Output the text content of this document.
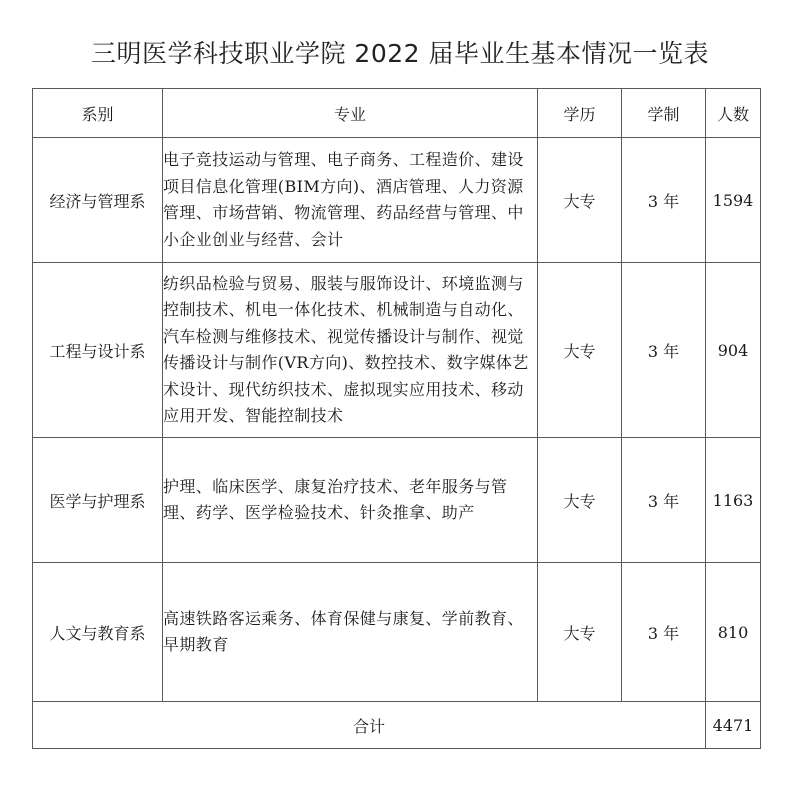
三明医学科技职业学院 2022 届毕业生基本情况一览表
系别	专业	学历	学制	人数
经济与管理系	电子竞技运动与管理、电子商务、工程造价、建设项目信息化管理(BIM方向)、酒店管理、人力资源管理、市场营销、物流管理、药品经营与管理、中小企业创业与经营、会计	大专	3 年	1594
工程与设计系	纺织品检验与贸易、服装与服饰设计、环境监测与控制技术、机电一体化技术、机械制造与自动化、汽车检测与维修技术、视觉传播设计与制作、视觉传播设计与制作(VR方向)、数控技术、数字媒体艺术设计、现代纺织技术、虚拟现实应用技术、移动应用开发、智能控制技术	大专	3 年	904
医学与护理系	护理、临床医学、康复治疗技术、老年服务与管理、药学、医学检验技术、针灸推拿、助产	大专	3 年	1163
人文与教育系	高速铁路客运乘务、体育保健与康复、学前教育、早期教育	大专	3 年	810
合计				4471
